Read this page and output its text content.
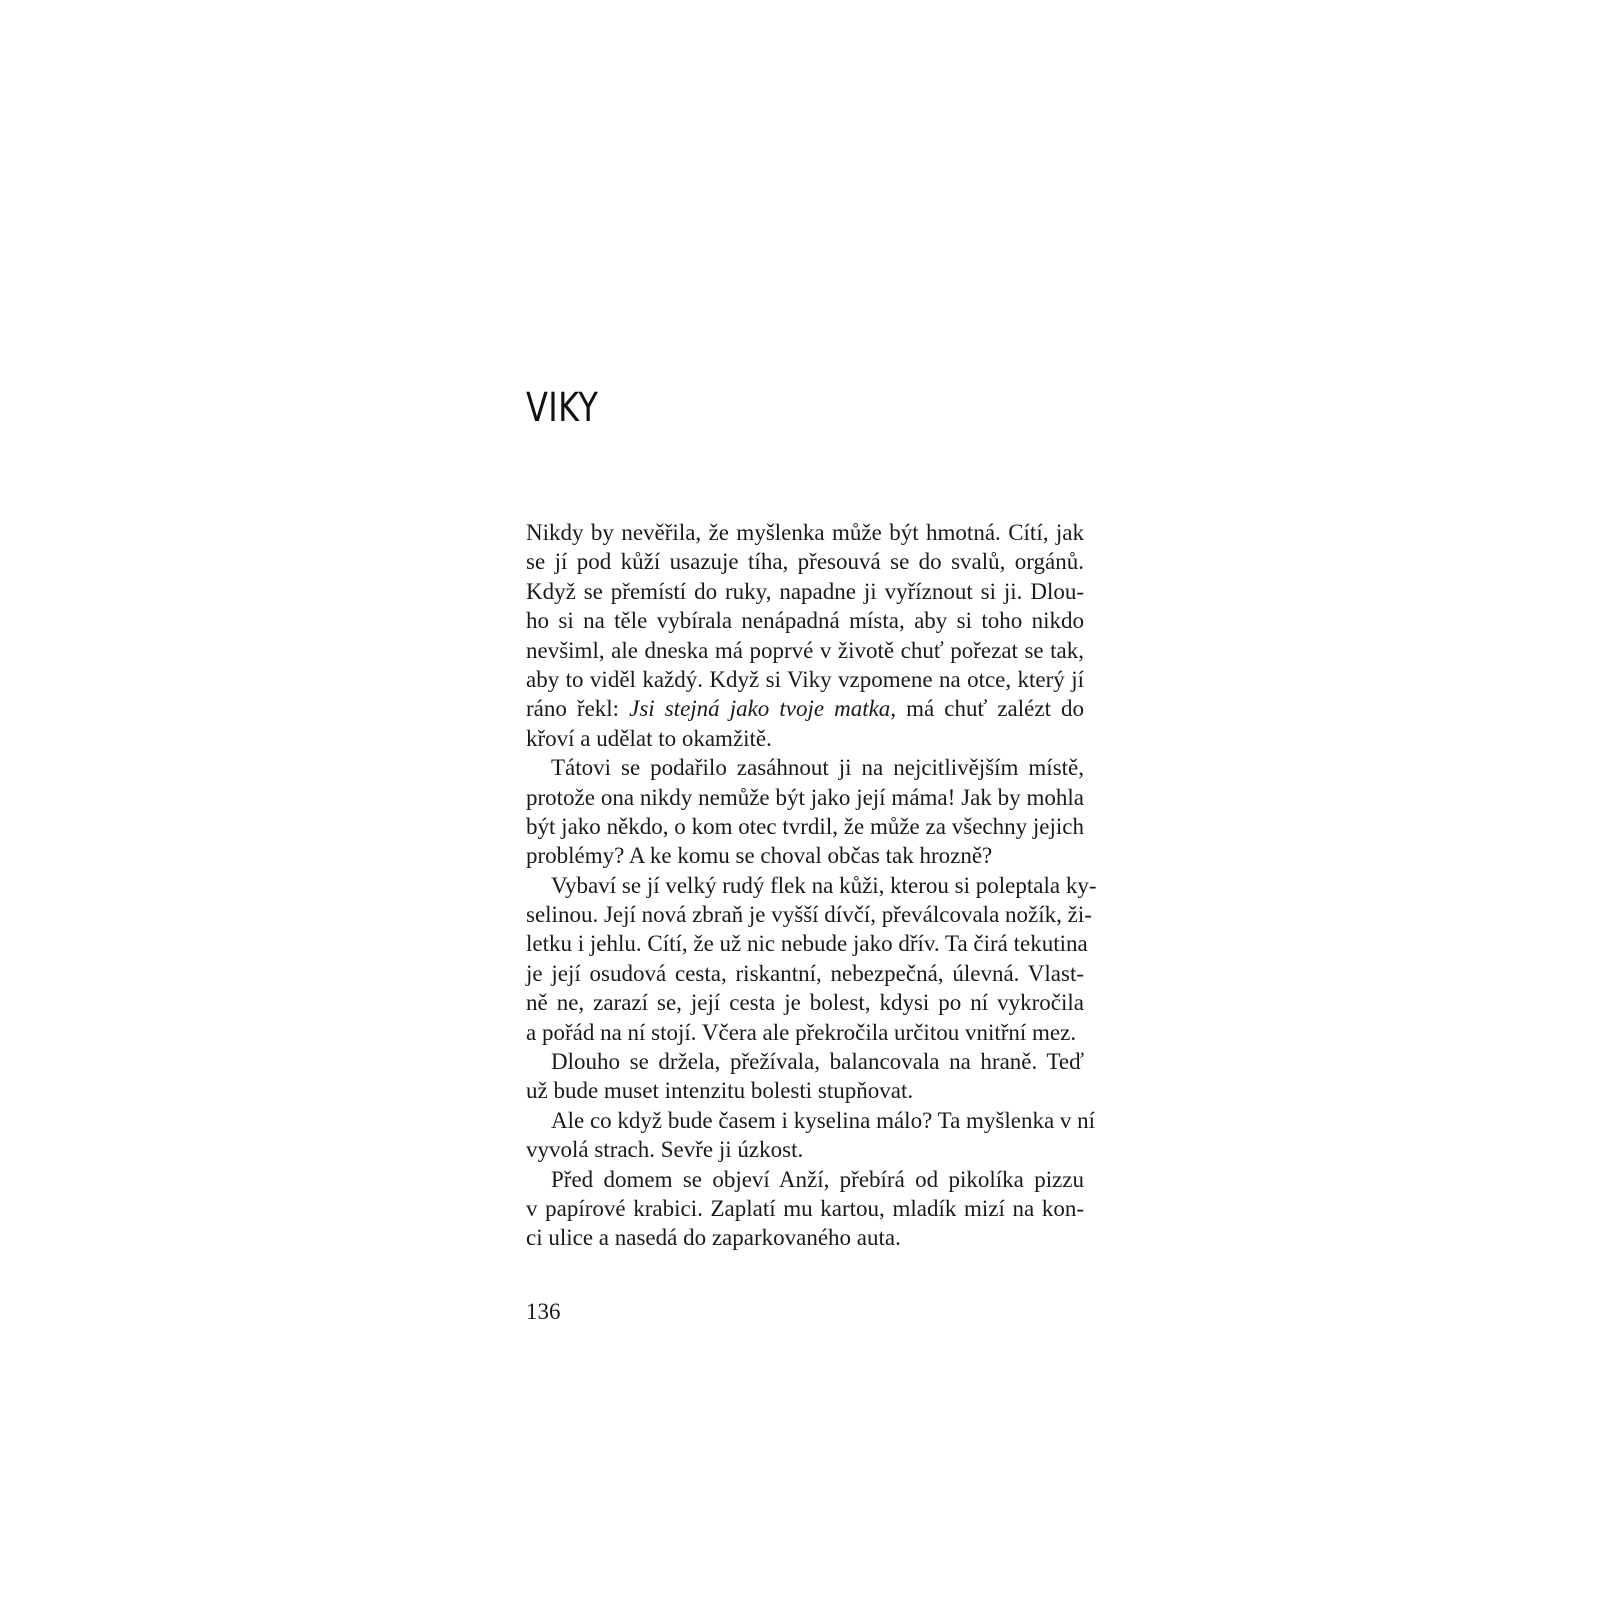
VIKY
Nikdy by nevěřila, že myšlenka může být hmotná. Cítí, jak
se jí pod kůží usazuje tíha, přesouvá se do svalů, orgánů.
Když se přemístí do ruky, napadne ji vyříznout si ji. Dlou-
ho si na těle vybírala nenápadná místa, aby si toho nikdo
nevšiml, ale dneska má poprvé v životě chuť pořezat se tak,
aby to viděl každý. Když si Viky vzpomene na otce, který jí
ráno řekl: Jsi stejná jako tvoje matka, má chuť zalézt do
křoví a udělat to okamžitě.
Tátovi se podařilo zasáhnout ji na nejcitlivějším místě,
protože ona nikdy nemůže být jako její máma! Jak by mohla
být jako někdo, o kom otec tvrdil, že může za všechny jejich
problémy? A ke komu se choval občas tak hrozně?
Vybaví se jí velký rudý flek na kůži, kterou si poleptala ky-
selinou. Její nová zbraň je vyšší dívčí, převálcovala nožík, ži-
letku i jehlu. Cítí, že už nic nebude jako dřív. Ta čirá tekutina
je její osudová cesta, riskantní, nebezpečná, úlevná. Vlast-
ně ne, zarazí se, její cesta je bolest, kdysi po ní vykročila
a pořád na ní stojí. Včera ale překročila určitou vnitřní mez.
Dlouho se držela, přežívala, balancovala na hraně. Teď
už bude muset intenzitu bolesti stupňovat.
Ale co když bude časem i kyselina málo? Ta myšlenka v ní
vyvolá strach. Sevře ji úzkost.
Před domem se objeví Anží, přebírá od pikolíka pizzu
v papírové krabici. Zaplatí mu kartou, mladík mizí na kon-
ci ulice a nasedá do zaparkovaného auta.
136
